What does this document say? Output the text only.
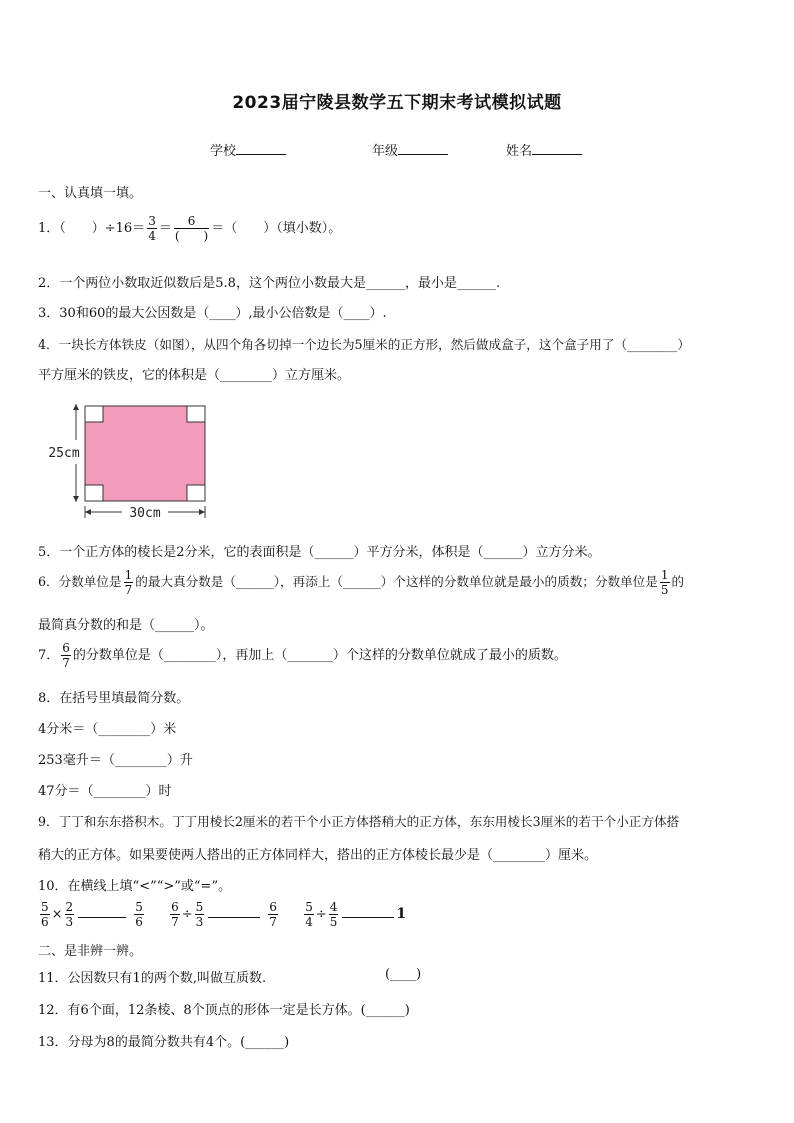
2023届宁陵县数学五下期末考试模拟试题
学校	年级	姓名
一、认真填一填。
1．（　　）$\div 16= \frac{3}{4} = \frac{6}{( )}$ ＝（　　）（填小数）。
2．一个两位小数取近似数后是5.8，这个两位小数最大是______，最小是______.
3．30和60的最大公因数是（____）,最小公倍数是（____）.
4．一块长方体铁皮（如图），从四个角各切掉一个边长为5厘米的正方形，然后做成盒子，这个盒子用了（________）
平方厘米的铁皮，它的体积是（________）立方厘米。
25cm
30cm
5．一个正方体的棱长是2分米，它的表面积是（______）平方分米，体积是（______）立方分米。
6．分数单位是 $\frac{1}{7}$ 的最大真分数是（______），再添上（______）个这样的分数单位就是最小的质数；分数单位是 $\frac{1}{5}$ 的
最简真分数的和是（______）。
7． $\frac{6}{7}$ 的分数单位是（________），再加上（_______）个这样的分数单位就成了最小的质数。
8．在括号里填最简分数。
4分米＝（________）米
253毫升＝（________）升
47分＝（________）时
9．丁丁和东东搭积木。丁丁用棱长2厘米的若干个小正方体搭稍大的正方体，东东用棱长3厘米的若干个小正方体搭
稍大的正方体。如果要使两人搭出的正方体同样大，搭出的正方体棱长最少是（________）厘米。
10．在横线上填“<”“>”或“=”。
$\frac{5}{6} \times \frac{2}{3}$	$\frac{5}{6}$
$\frac{6}{7} \div \frac{5}{3}$	$\frac{6}{7}$
$\frac{5}{4} \div \frac{4}{5}$	1
二、是非辨一辨。
11．公因数只有1的两个数,叫做互质数.	(____)
12．有6个面，12条棱、8个顶点的形体一定是长方体。(______)
13．分母为8的最简分数共有4个。(______)
